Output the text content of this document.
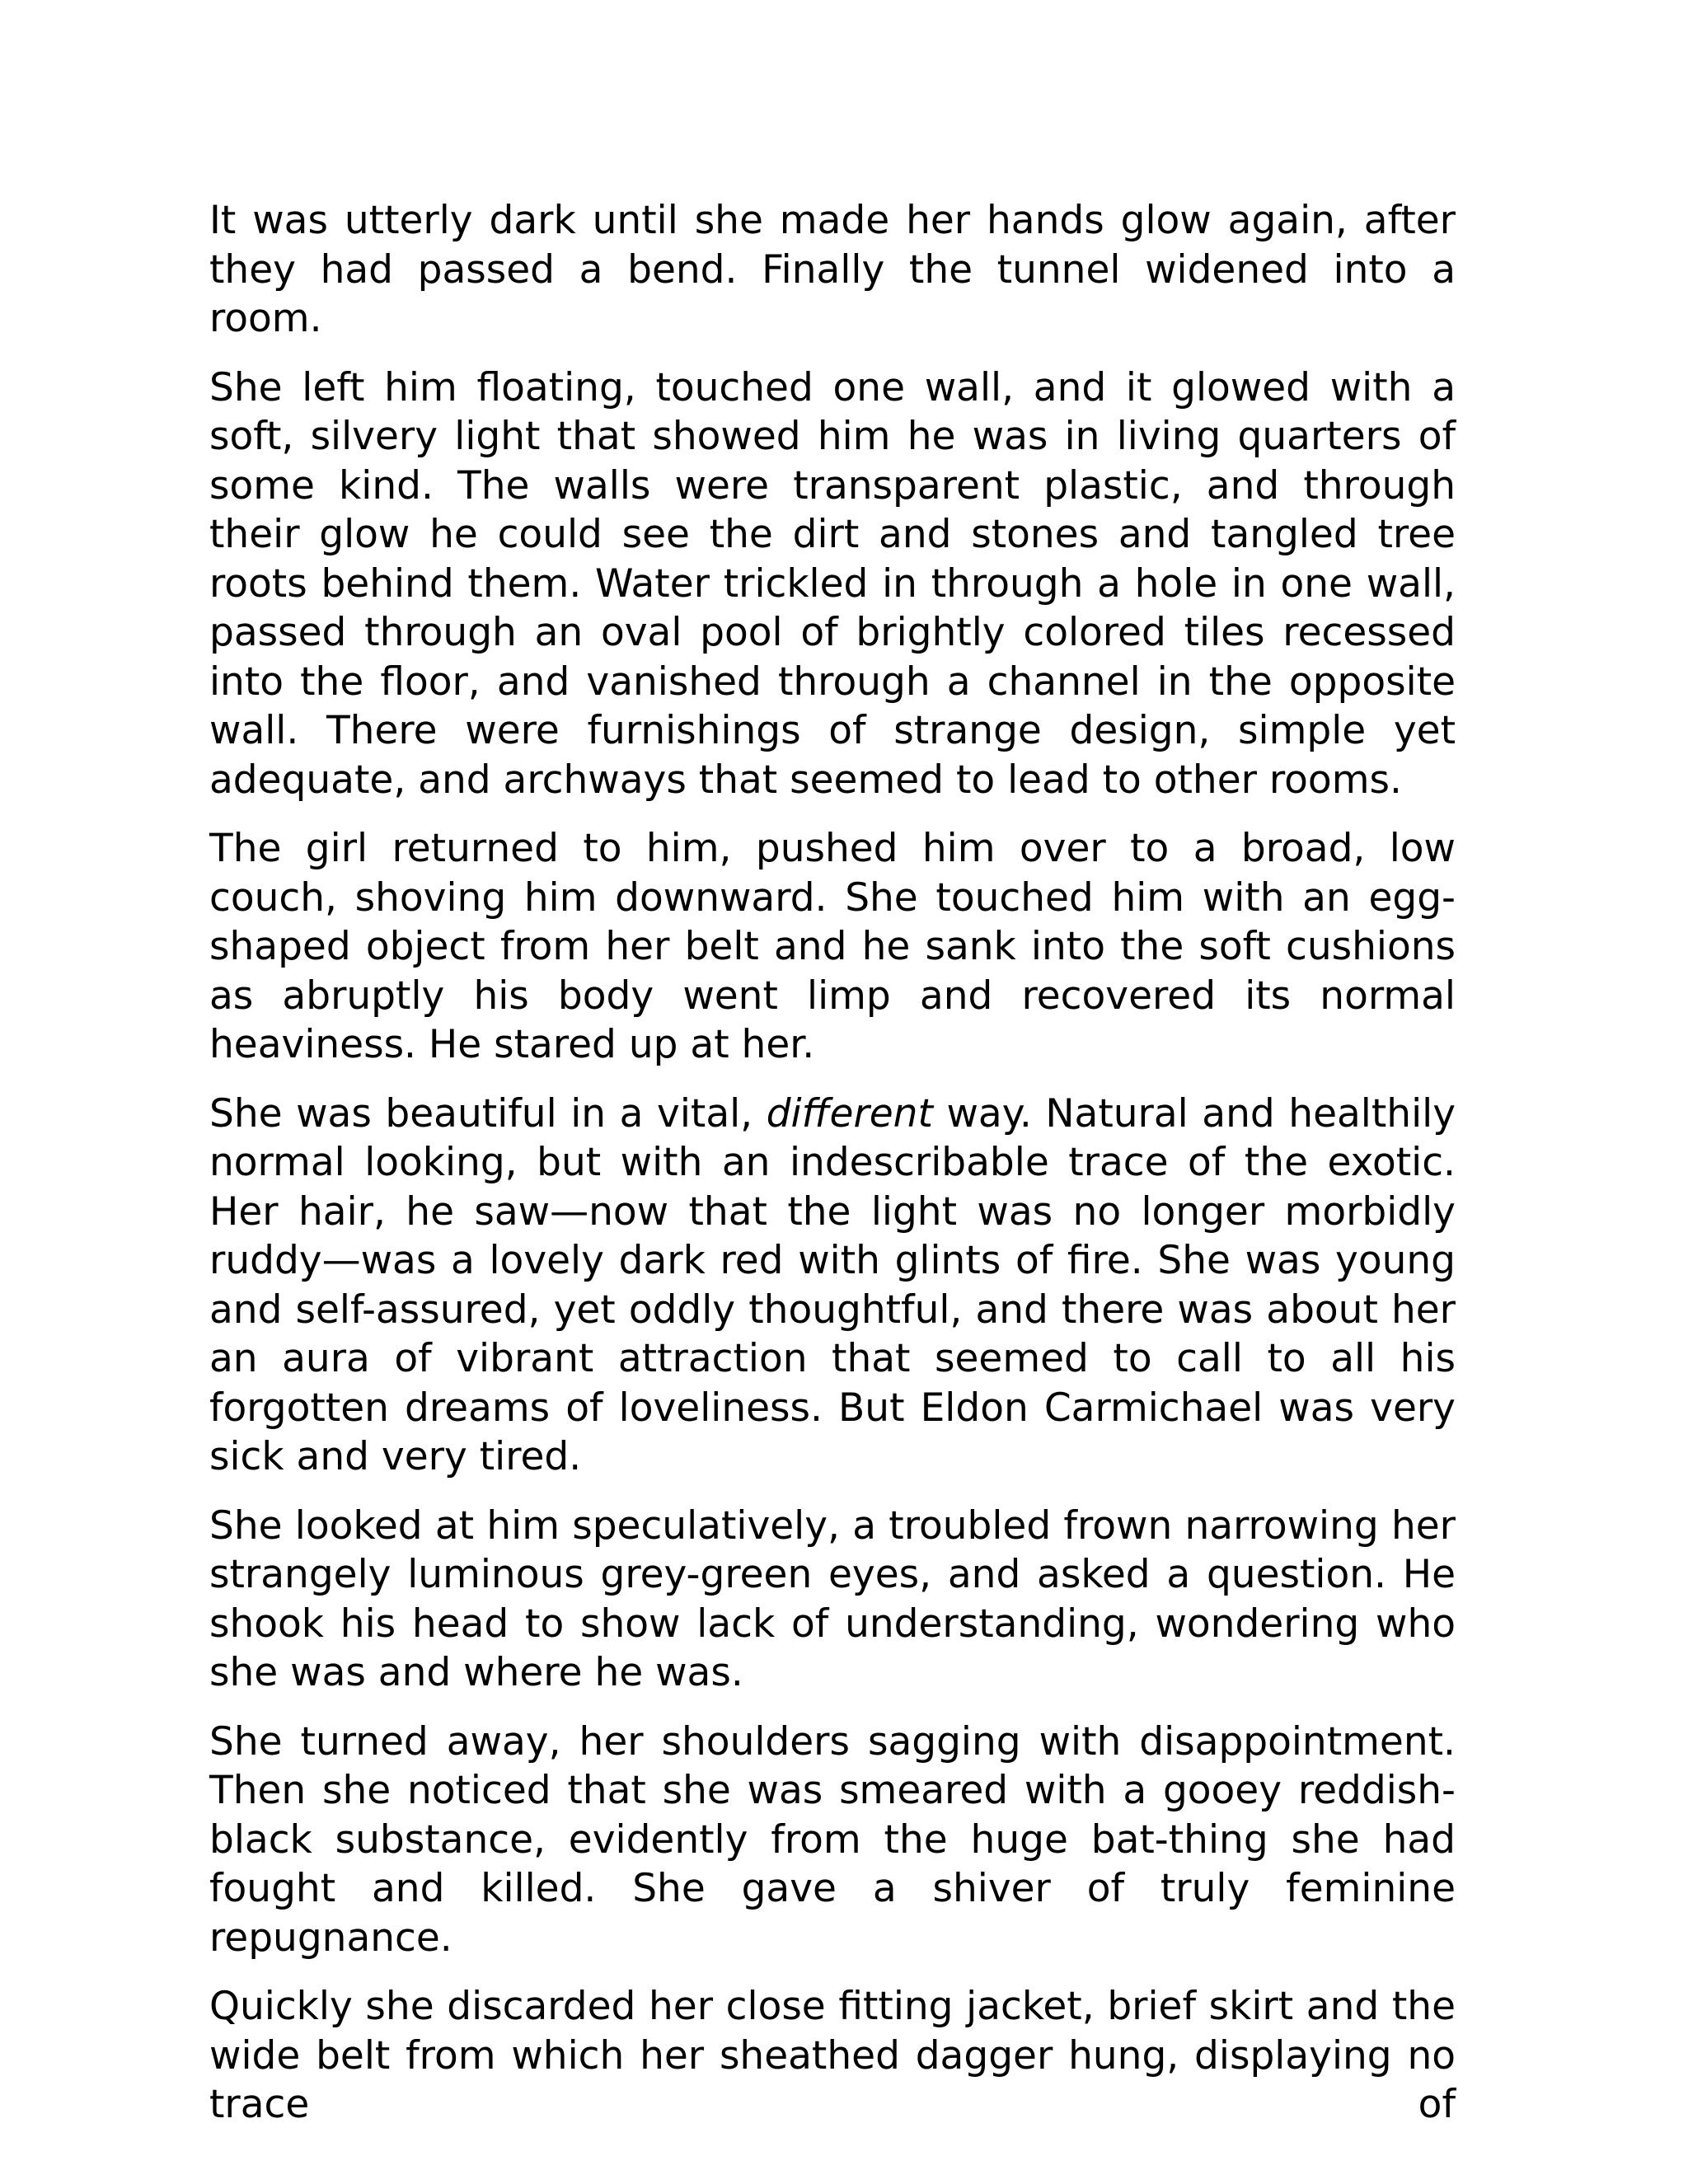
It was utterly dark until she made her hands glow again, after they had passed a bend. Finally the tunnel widened into a room.

She left him floating, touched one wall, and it glowed with a soft, silvery light that showed him he was in living quarters of some kind. The walls were transparent plastic, and through their glow he could see the dirt and stones and tangled tree roots behind them. Water trickled in through a hole in one wall, passed through an oval pool of brightly colored tiles recessed into the floor, and vanished through a channel in the opposite wall. There were furnishings of strange design, simple yet adequate, and archways that seemed to lead to other rooms.

The girl returned to him, pushed him over to a broad, low couch, shoving him downward. She touched him with an egg-shaped object from her belt and he sank into the soft cushions as abruptly his body went limp and recovered its normal heaviness. He stared up at her.

She was beautiful in a vital, different way. Natural and healthily normal looking, but with an indescribable trace of the exotic. Her hair, he saw—now that the light was no longer morbidly ruddy—was a lovely dark red with glints of fire. She was young and self-assured, yet oddly thoughtful, and there was about her an aura of vibrant attraction that seemed to call to all his forgotten dreams of loveliness. But Eldon Carmichael was very sick and very tired.

She looked at him speculatively, a troubled frown narrowing her strangely luminous grey-green eyes, and asked a question. He shook his head to show lack of understanding, wondering who she was and where he was.

She turned away, her shoulders sagging with disappointment. Then she noticed that she was smeared with a gooey reddish-black substance, evidently from the huge bat-thing she had fought and killed. She gave a shiver of truly feminine repugnance.

Quickly she discarded her close fitting jacket, brief skirt and the wide belt from which her sheathed dagger hung, displaying no trace of
